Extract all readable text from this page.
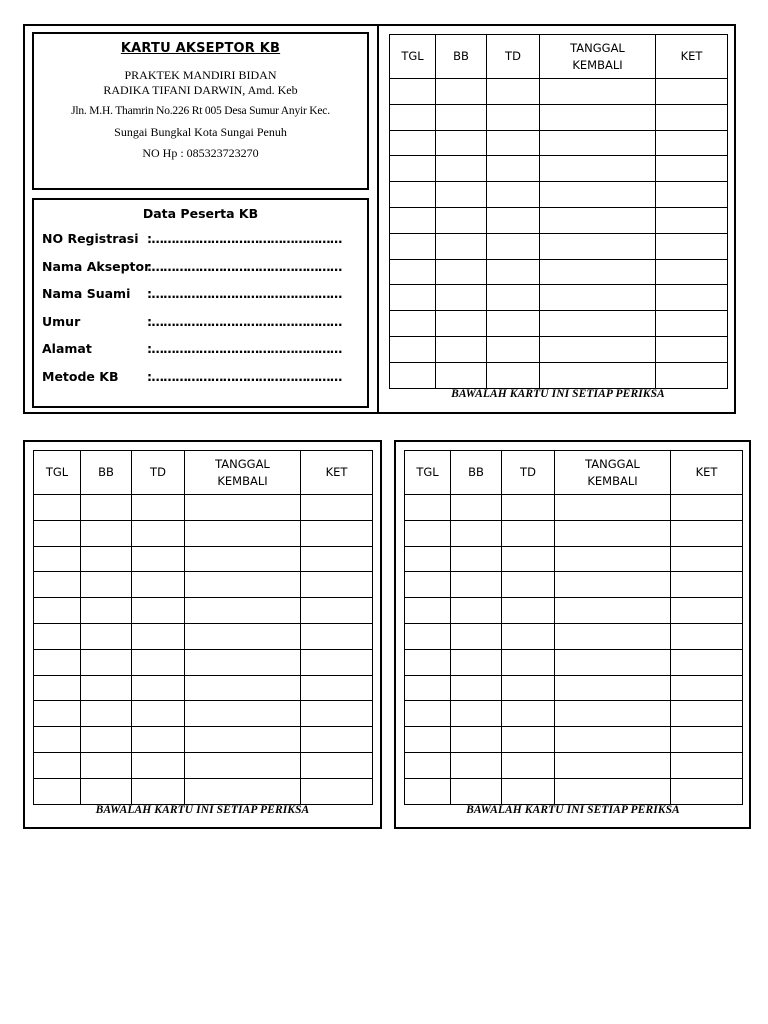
KARTU AKSEPTOR KB
PRAKTEK MANDIRI BIDAN
RADIKA TIFANI DARWIN, Amd. Keb
Jln. M.H. Thamrin No.226 Rt 005 Desa Sumur Anyir Kec.
Sungai Bungkal Kota Sungai Penuh
NO Hp : 085323723270
Data Peserta KB
NO Registrasi :…………………………………………
Nama Akseptor
:…………………………………………
Nama Suami :…………………………………………
Umur	:…………………………………………
Alamat	:…………………………………………
Metode KB :…………………………………………
TGL	BB	TD	TANGGAL KEMBALI	KET

BAWALAH KARTU INI SETIAP PERIKSA
TGL	BB	TD	TANGGAL KEMBALI	KET

BAWALAH KARTU INI SETIAP PERIKSA
TGL	BB	TD	TANGGAL KEMBALI	KET

BAWALAH KARTU INI SETIAP PERIKSA
